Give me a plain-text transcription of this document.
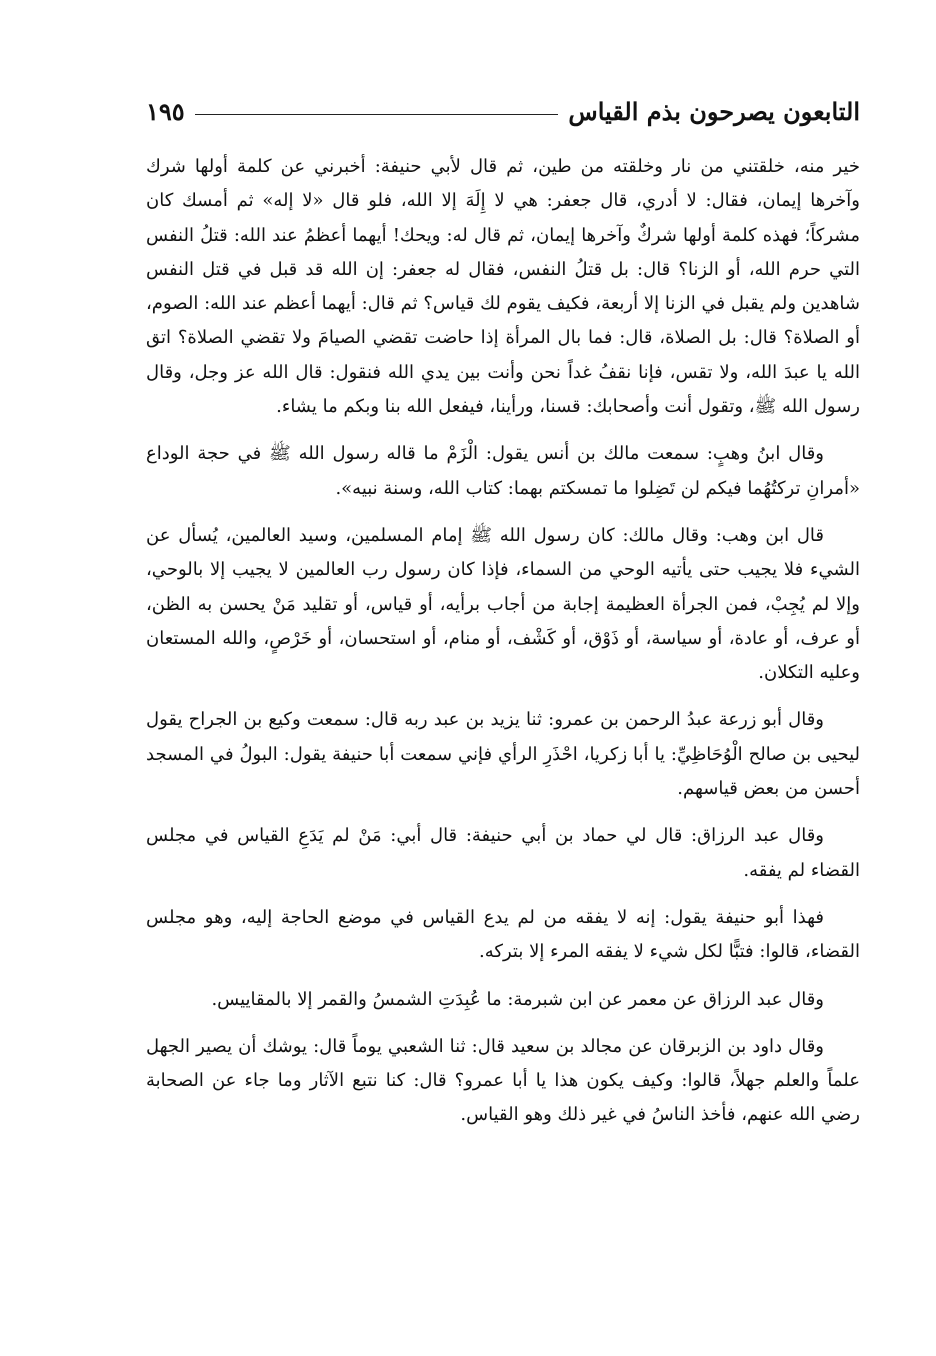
التابعون يصرحون بذم القياس
١٩٥

خير منه، خلقتني من نار وخلقته من طين، ثم قال لأبي حنيفة: أخبرني عن كلمة أولها شرك وآخرها إيمان، فقال: لا أدري، قال جعفر: هي لا إِلَهَ إلا الله، فلو قال «لا إله» ثم أمسك كان مشركاً؛ فهذه كلمة أولها شركٌ وآخرها إيمان، ثم قال له: ويحك! أيهما أعظمُ عند الله: قتلُ النفس التي حرم الله، أو الزنا؟ قال: بل قتلُ النفس، فقال له جعفر: إن الله قد قبل في قتل النفس شاهدين ولم يقبل في الزنا إلا أربعة، فكيف يقوم لك قياس؟ ثم قال: أيهما أعظم عند الله: الصوم، أو الصلاة؟ قال: بل الصلاة، قال: فما بال المرأة إذا حاضت تقضي الصيامَ ولا تقضي الصلاة؟ اتق الله يا عبدَ الله، ولا تقس، فإنا نقفُ غداً نحن وأنت بين يدي الله فنقول: قال الله عز وجل، وقال رسول الله ﷺ، وتقول أنت وأصحابك: قسنا، ورأينا، فيفعل الله بنا وبكم ما يشاء.

وقال ابنُ وهبٍ: سمعت مالك بن أنس يقول: الْزَمْ ما قاله رسول الله ﷺ في حجة الوداع «أمرانِ تركتُهُما فيكم لن تَضِلوا ما تمسكتم بهما: كتاب الله، وسنة نبيه».

قال ابن وهب: وقال مالك: كان رسول الله ﷺ إمام المسلمين، وسيد العالمين، يُسأل عن الشيء فلا يجيب حتى يأتيه الوحي من السماء، فإذا كان رسول رب العالمين لا يجيب إلا بالوحي، وإلا لم يُجِبْ، فمن الجرأة العظيمة إجابة من أجاب برأيه، أو قياس، أو تقليد مَنْ يحسن به الظن، أو عرف، أو عادة، أو سياسة، أو ذَوْق، أو كَشْف، أو منام، أو استحسان، أو خَرْصٍ، والله المستعان وعليه التكلان.

وقال أبو زرعة عبدُ الرحمن بن عمرو: ثنا يزيد بن عبد ربه قال: سمعت وكيع بن الجراح يقول ليحيى بن صالح الْوُحَاظِيِّ: يا أبا زكريا، احْذَرِ الرأي فإني سمعت أبا حنيفة يقول: البولُ في المسجد أحسن من بعض قياسهم.

وقال عبد الرزاق: قال لي حماد بن أبي حنيفة: قال أبي: مَنْ لم يَدَعِ القياس في مجلس القضاء لم يفقه.

فهذا أبو حنيفة يقول: إنه لا يفقه من لم يدع القياس في موضع الحاجة إليه، وهو مجلس القضاء، قالوا: فتبًّا لكل شيء لا يفقه المرء إلا بتركه.

وقال عبد الرزاق عن معمر عن ابن شبرمة: ما عُبِدَتِ الشمسُ والقمر إلا بالمقاييس.

وقال داود بن الزبرقان عن مجالد بن سعيد قال: ثنا الشعبي يوماً قال: يوشك أن يصير الجهل علماً والعلم جهلاً، قالوا: وكيف يكون هذا يا أبا عمرو؟ قال: كنا نتبع الآثار وما جاء عن الصحابة رضي الله عنهم، فأخذ الناسُ في غير ذلك وهو القياس.
